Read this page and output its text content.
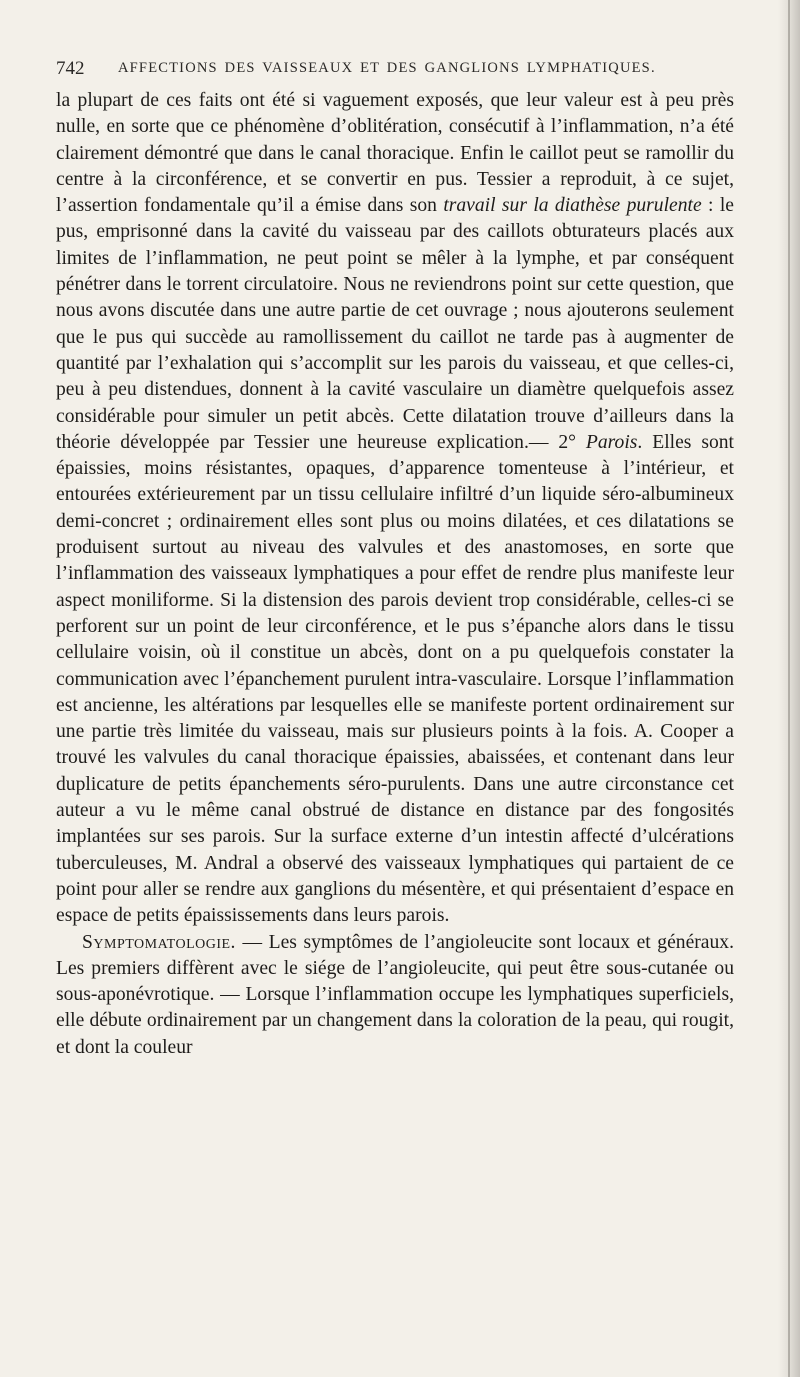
742 AFFECTIONS DES VAISSEAUX ET DES GANGLIONS LYMPHATIQUES.

la plupart de ces faits ont été si vaguement exposés, que leur valeur est à peu près nulle, en sorte que ce phénomène d’oblitération, consécutif à l’inflammation, n’a été clairement démontré que dans le canal thoracique. Enfin le caillot peut se ramollir du centre à la circonférence, et se convertir en pus. Tessier a reproduit, à ce sujet, l’assertion fondamentale qu’il a émise dans son travail sur la diathèse purulente : le pus, emprisonné dans la cavité du vaisseau par des caillots obturateurs placés aux limites de l’inflammation, ne peut point se mêler à la lymphe, et par conséquent pénétrer dans le torrent circulatoire. Nous ne reviendrons point sur cette question, que nous avons discutée dans une autre partie de cet ouvrage ; nous ajouterons seulement que le pus qui succède au ramollissement du caillot ne tarde pas à augmenter de quantité par l’exhalation qui s’accomplit sur les parois du vaisseau, et que celles-ci, peu à peu distendues, donnent à la cavité vasculaire un diamètre quelquefois assez considérable pour simuler un petit abcès. Cette dilatation trouve d’ailleurs dans la théorie développée par Tessier une heureuse explication.— 2° Parois. Elles sont épaissies, moins résistantes, opaques, d’apparence tomenteuse à l’intérieur, et entourées extérieurement par un tissu cellulaire infiltré d’un liquide séro-albumineux demi-concret ; ordinairement elles sont plus ou moins dilatées, et ces dilatations se produisent surtout au niveau des valvules et des anastomoses, en sorte que l’inflammation des vaisseaux lymphatiques a pour effet de rendre plus manifeste leur aspect moniliforme. Si la distension des parois devient trop considérable, celles-ci se perforent sur un point de leur circonférence, et le pus s’épanche alors dans le tissu cellulaire voisin, où il constitue un abcès, dont on a pu quelquefois constater la communication avec l’épanchement purulent intra-vasculaire. Lorsque l’inflammation est ancienne, les altérations par lesquelles elle se manifeste portent ordinairement sur une partie très limitée du vaisseau, mais sur plusieurs points à la fois. A. Cooper a trouvé les valvules du canal thoracique épaissies, abaissées, et contenant dans leur duplicature de petits épanchements séro-purulents. Dans une autre circonstance cet auteur a vu le même canal obstrué de distance en distance par des fongosités implantées sur ses parois. Sur la surface externe d’un intestin affecté d’ulcérations tuberculeuses, M. Andral a observé des vaisseaux lymphatiques qui partaient de ce point pour aller se rendre aux ganglions du mésentère, et qui présentaient d’espace en espace de petits épaississements dans leurs parois.

Symptomatologie. — Les symptômes de l’angioleucite sont locaux et généraux. Les premiers diffèrent avec le siége de l’angioleucite, qui peut être sous-cutanée ou sous-aponévrotique. — Lorsque l’inflammation occupe les lymphatiques superficiels, elle débute ordinairement par un changement dans la coloration de la peau, qui rougit, et dont la couleur
